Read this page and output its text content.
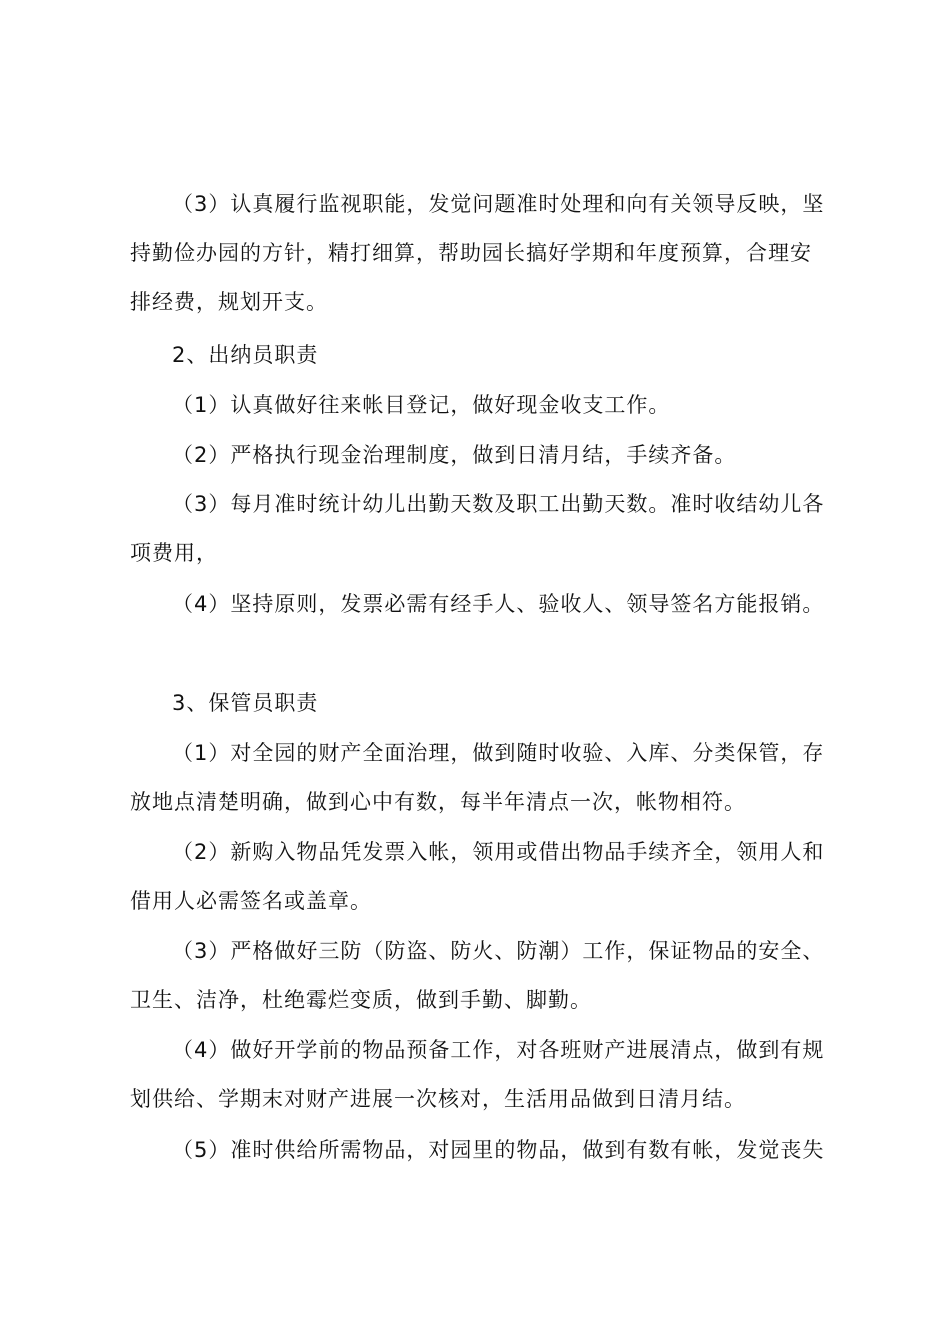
（3）认真履行监视职能，发觉问题准时处理和向有关领导反映，坚
持勤俭办园的方针，精打细算，帮助园长搞好学期和年度预算，合理安
排经费，规划开支。
2、出纳员职责
（1）认真做好往来帐目登记，做好现金收支工作。
（2）严格执行现金治理制度，做到日清月结，手续齐备。
（3）每月准时统计幼儿出勤天数及职工出勤天数。准时收结幼儿各
项费用，
（4）坚持原则，发票必需有经手人、验收人、领导签名方能报销。
3、保管员职责
（1）对全园的财产全面治理，做到随时收验、入库、分类保管，存
放地点清楚明确，做到心中有数，每半年清点一次，帐物相符。
（2）新购入物品凭发票入帐，领用或借出物品手续齐全，领用人和
借用人必需签名或盖章。
（3）严格做好三防（防盗、防火、防潮）工作，保证物品的安全、
卫生、洁净，杜绝霉烂变质，做到手勤、脚勤。
（4）做好开学前的物品预备工作，对各班财产进展清点，做到有规
划供给、学期末对财产进展一次核对，生活用品做到日清月结。
（5）准时供给所需物品，对园里的物品，做到有数有帐，发觉丧失
